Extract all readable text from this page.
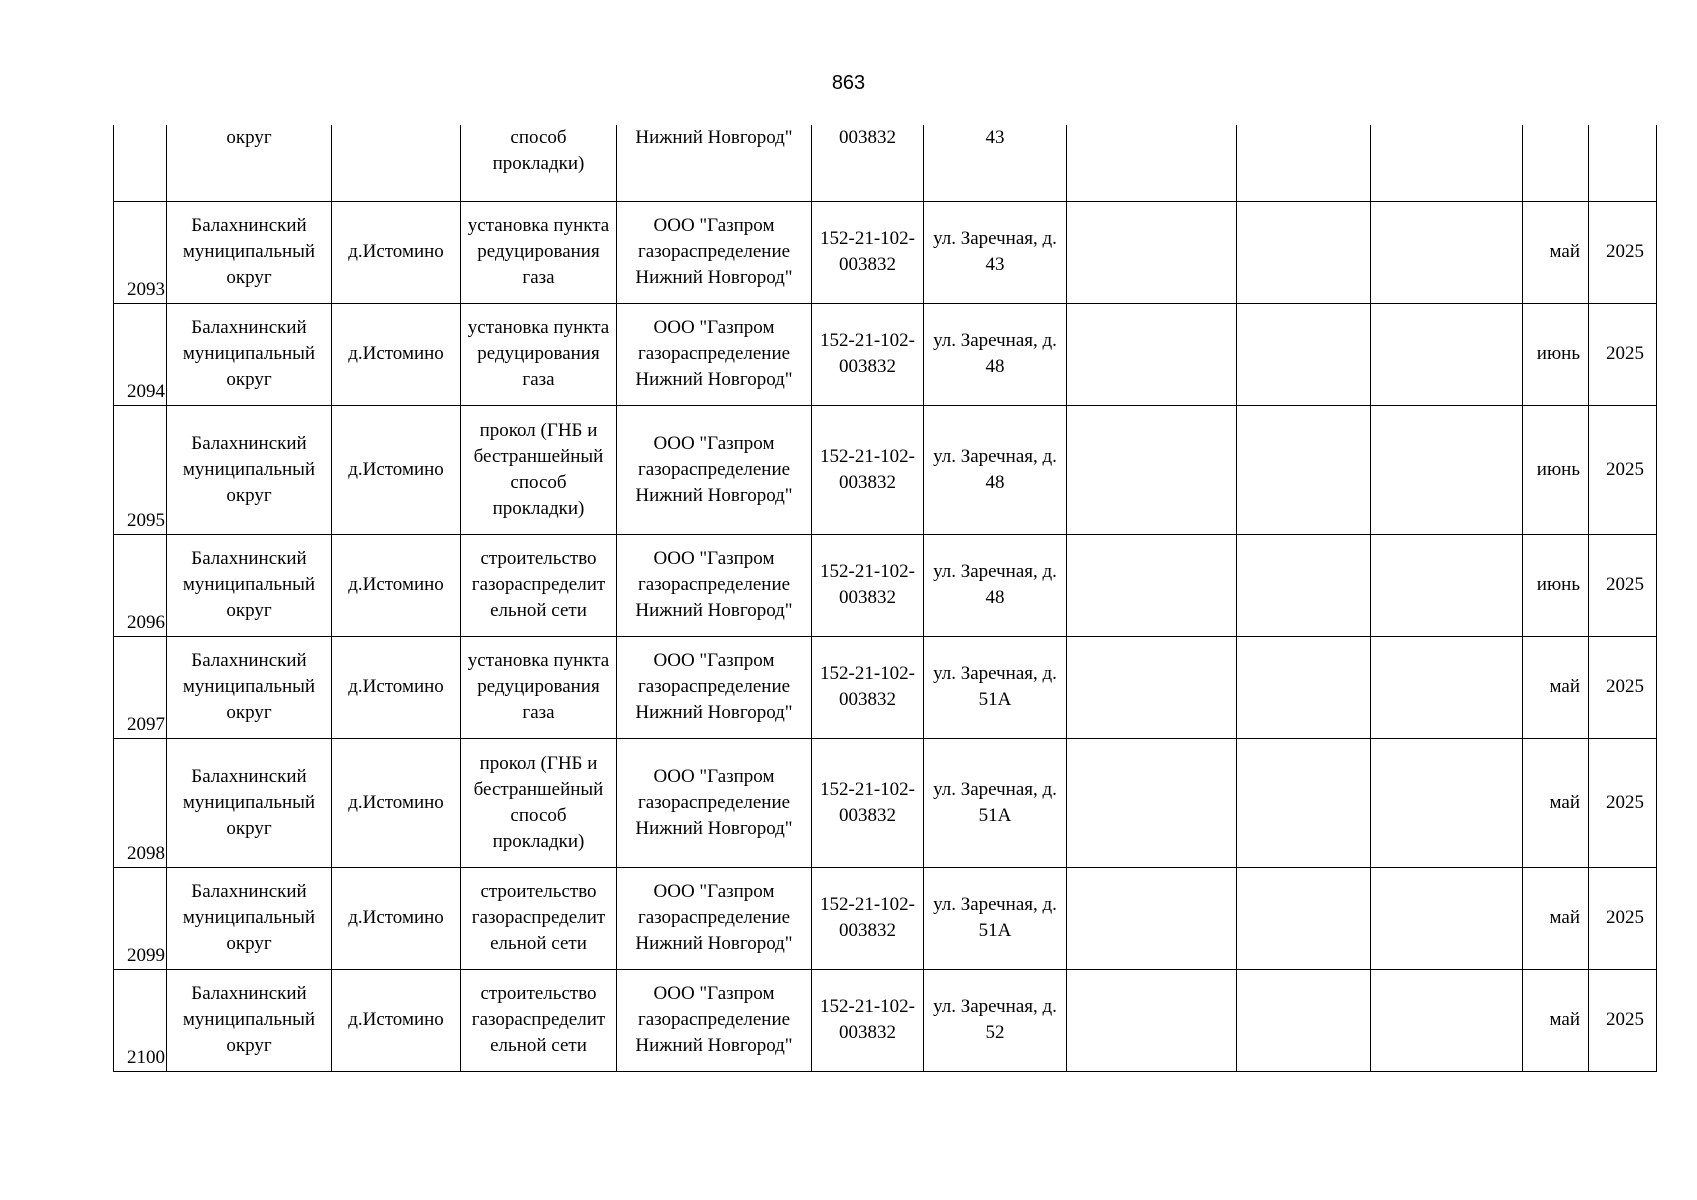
863

	округ		способ
прокладки)	Нижний Новгород"	003832	43					

2093	Балахнинский
муниципальный
округ	д.Истомино	установка пункта
редуцирования
газа	ООО "Газпром
газораспределение
Нижний Новгород"	152-21-102-
003832	ул. Заречная, д.
43				май	2025

2094	Балахнинский
муниципальный
округ	д.Истомино	установка пункта
редуцирования
газа	ООО "Газпром
газораспределение
Нижний Новгород"	152-21-102-
003832	ул. Заречная, д.
48				июнь	2025

2095	Балахнинский
муниципальный
округ	д.Истомино	прокол (ГНБ и
бестраншейный
способ
прокладки)	ООО "Газпром
газораспределение
Нижний Новгород"	152-21-102-
003832	ул. Заречная, д.
48				июнь	2025

2096	Балахнинский
муниципальный
округ	д.Истомино	строительство
газораспределит
ельной сети	ООО "Газпром
газораспределение
Нижний Новгород"	152-21-102-
003832	ул. Заречная, д.
48				июнь	2025

2097	Балахнинский
муниципальный
округ	д.Истомино	установка пункта
редуцирования
газа	ООО "Газпром
газораспределение
Нижний Новгород"	152-21-102-
003832	ул. Заречная, д.
51А				май	2025

2098	Балахнинский
муниципальный
округ	д.Истомино	прокол (ГНБ и
бестраншейный
способ
прокладки)	ООО "Газпром
газораспределение
Нижний Новгород"	152-21-102-
003832	ул. Заречная, д.
51А				май	2025

2099	Балахнинский
муниципальный
округ	д.Истомино	строительство
газораспределит
ельной сети	ООО "Газпром
газораспределение
Нижний Новгород"	152-21-102-
003832	ул. Заречная, д.
51А				май	2025

2100	Балахнинский
муниципальный
округ	д.Истомино	строительство
газораспределит
ельной сети	ООО "Газпром
газораспределение
Нижний Новгород"	152-21-102-
003832	ул. Заречная, д.
52				май	2025
